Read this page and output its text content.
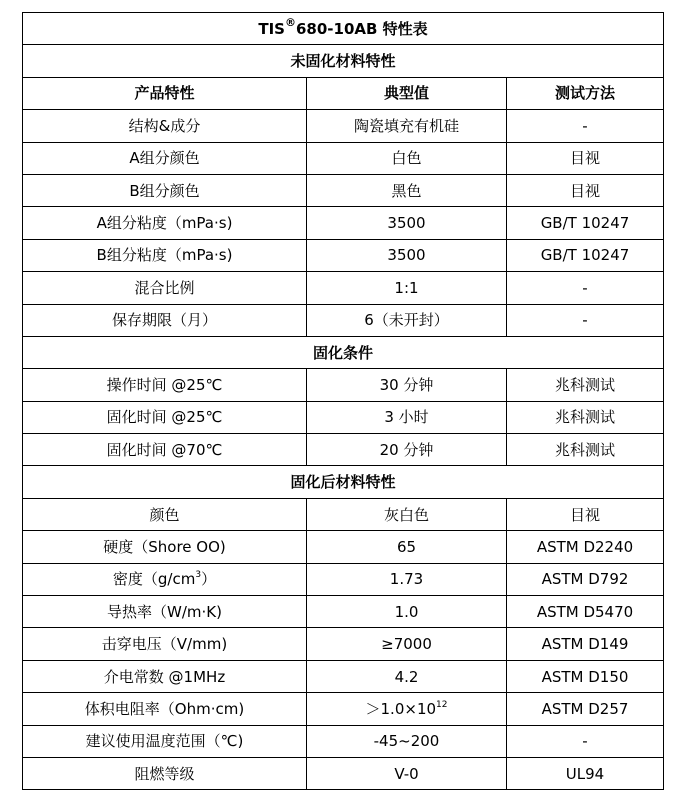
TIS®680-10AB 特性表		
未固化材料特性		
产品特性	典型值	测试方法
结构&成分	陶瓷填充有机硅	-
A组分颜色	白色	目视
B组分颜色	黑色	目视
A组分粘度（mPa·s)	3500	GB/T 10247
B组分粘度（mPa·s)	3500	GB/T 10247
混合比例	1:1	-
保存期限（月）	6（未开封）	-
固化条件		
操作时间 @25℃	30 分钟	兆科测试
固化时间 @25℃	3 小时	兆科测试
固化时间 @70℃	20 分钟	兆科测试
固化后材料特性		
颜色	灰白色	目视
硬度（Shore OO)	65	ASTM D2240
密度$(g/cm^3)$	1.73	ASTM D792
导热率（W/m·K)	1.0	ASTM D5470
击穿电压（V/mm)	≥7000	ASTM D149
介电常数 @1MHz	4.2	ASTM D150
体积电阻率（Ohm·cm)	$>1.0\times 10^{12}$	ASTM D257
建议使用温度范围（℃)	-45~200	-
阻燃等级	V-0	UL94
